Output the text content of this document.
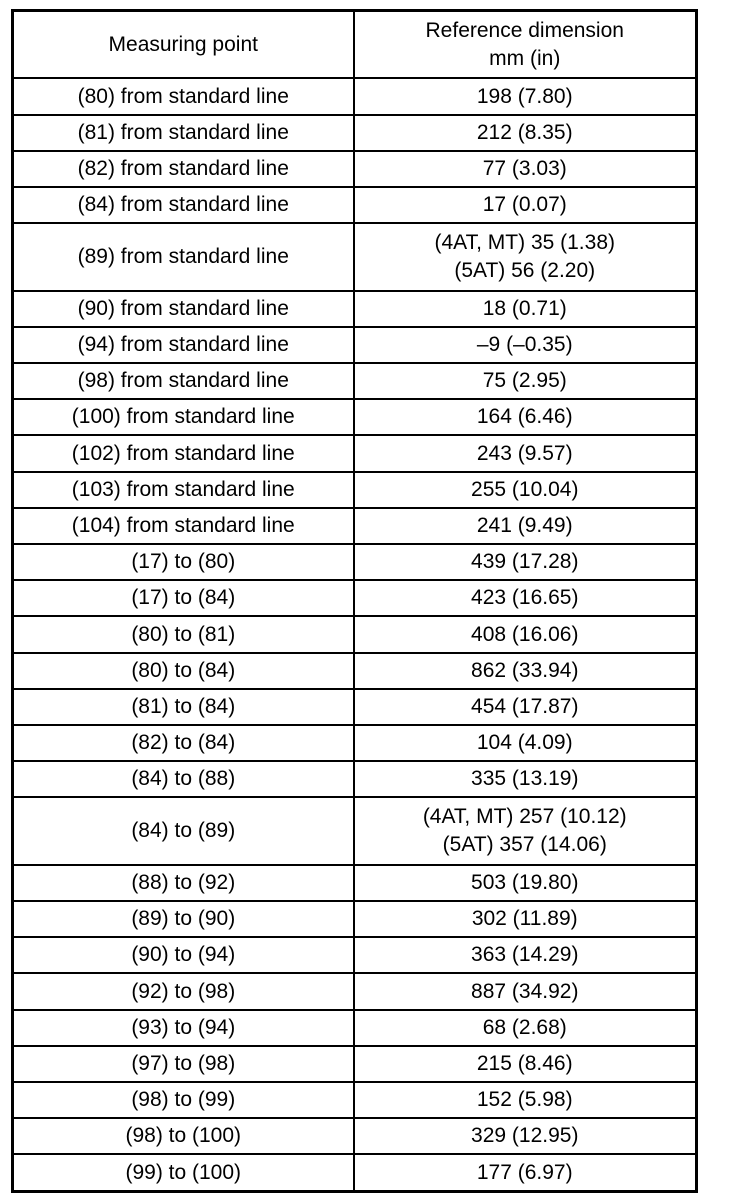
Measuring point	Reference dimension
mm (in)

(80) from standard line	198 (7.80)
(81) from standard line	212 (8.35)
(82) from standard line	77 (3.03)
(84) from standard line	17 (0.07)
(89) from standard line	(4AT, MT) 35 (1.38)
(5AT) 56 (2.20)

(90) from standard line	18 (0.71)
(94) from standard line	–9 (–0.35)
(98) from standard line	75 (2.95)
(100) from standard line	164 (6.46)
(102) from standard line	243 (9.57)
(103) from standard line	255 (10.04)
(104) from standard line	241 (9.49)
(17) to (80)	439 (17.28)
(17) to (84)	423 (16.65)
(80) to (81)	408 (16.06)
(80) to (84)	862 (33.94)
(81) to (84)	454 (17.87)
(82) to (84)	104 (4.09)
(84) to (88)	335 (13.19)
(84) to (89)	(4AT, MT) 257 (10.12)
(5AT) 357 (14.06)

(88) to (92)	503 (19.80)
(89) to (90)	302 (11.89)
(90) to (94)	363 (14.29)
(92) to (98)	887 (34.92)
(93) to (94)	68 (2.68)
(97) to (98)	215 (8.46)
(98) to (99)	152 (5.98)
(98) to (100)	329 (12.95)
(99) to (100)	177 (6.97)
